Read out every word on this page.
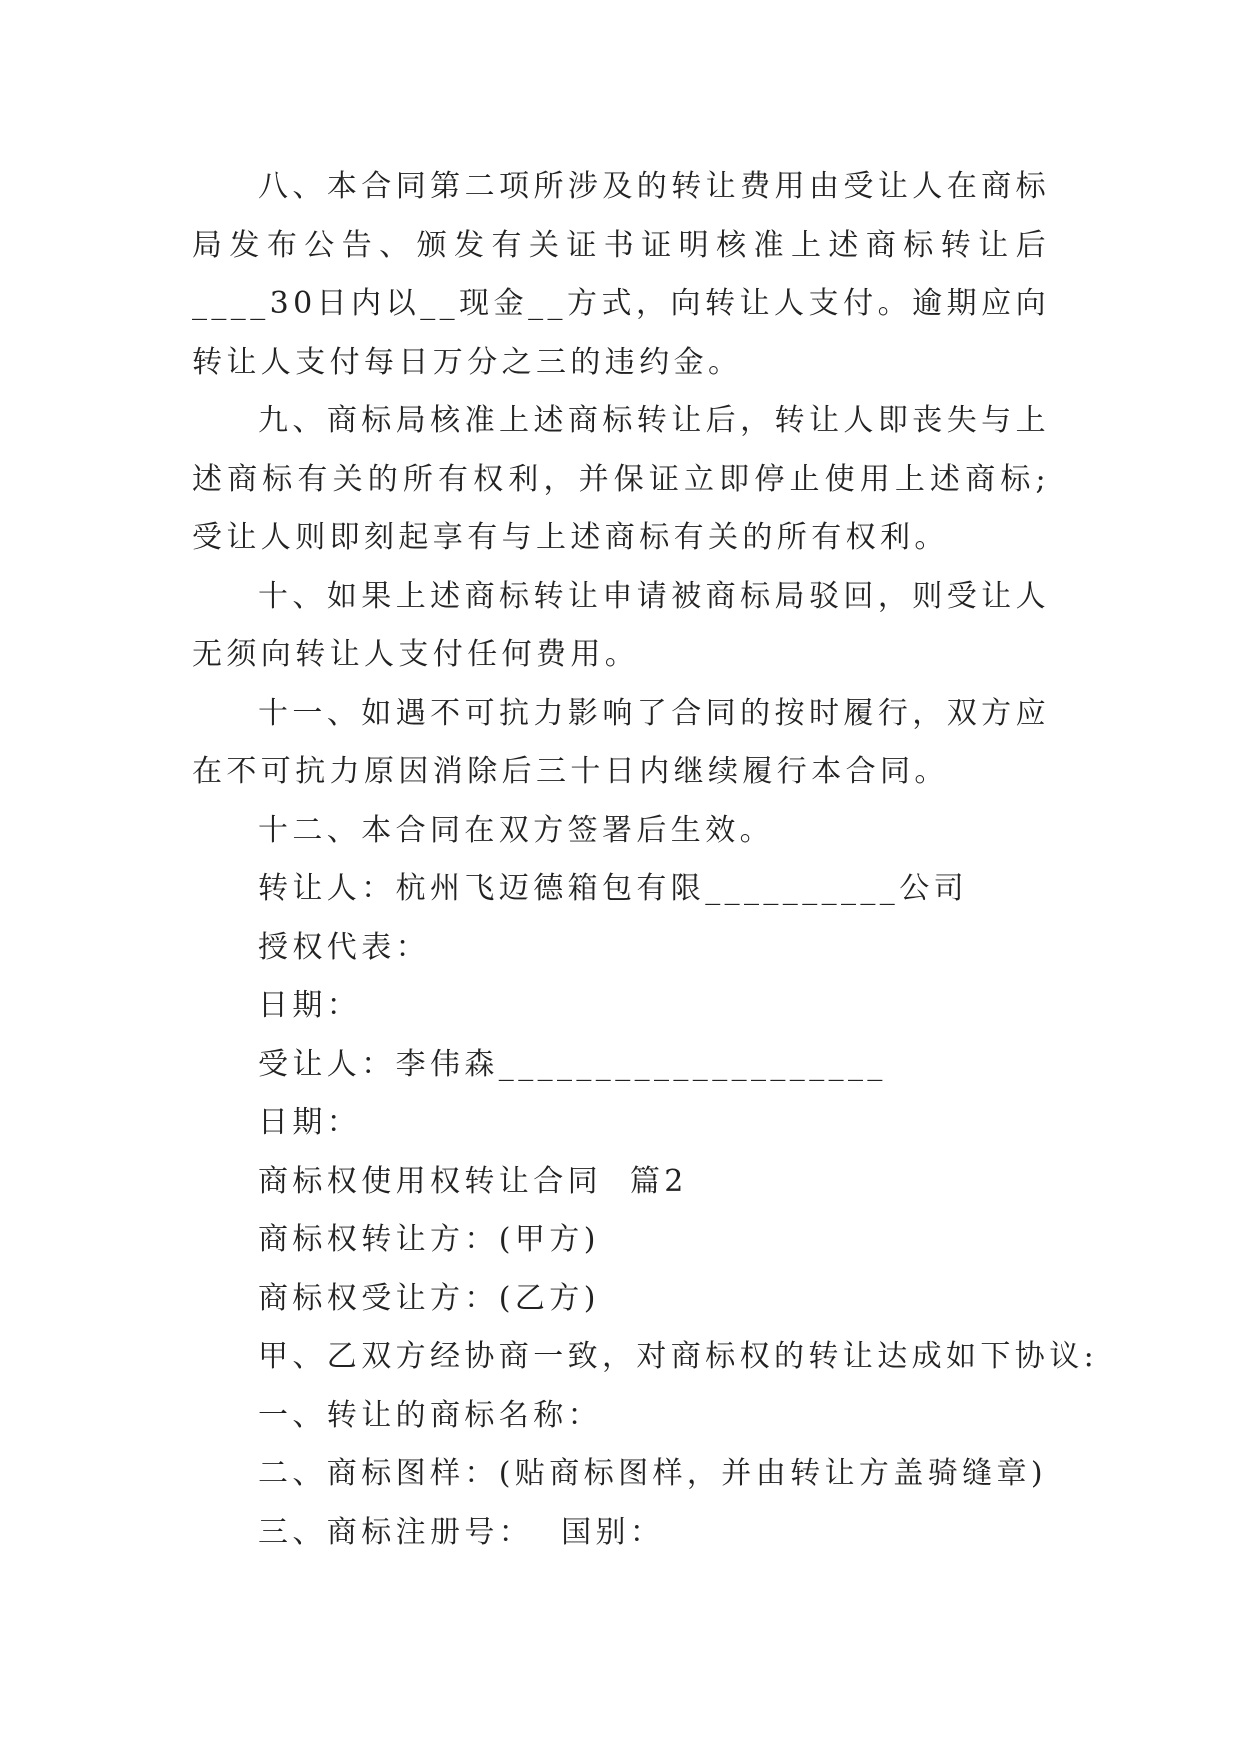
八、本合同第二项所涉及的转让费用由受让人在商标局发布公告、颁发有关证书证明核准上述商标转让后____30日内以__现金__方式，向转让人支付。逾期应向转让人支付每日万分之三的违约金。

九、商标局核准上述商标转让后，转让人即丧失与上述商标有关的所有权利，并保证立即停止使用上述商标;受让人则即刻起享有与上述商标有关的所有权利。

十、如果上述商标转让申请被商标局驳回，则受让人无须向转让人支付任何费用。

十一、如遇不可抗力影响了合同的按时履行，双方应在不可抗力原因消除后三十日内继续履行本合同。

十二、本合同在双方签署后生效。

转让人：杭州飞迈德箱包有限__________公司

授权代表：

日期：

受让人：李伟森____________________

日期：

商标权使用权转让合同  篇2

商标权转让方：(甲方)

商标权受让方：(乙方)

甲、乙双方经协商一致，对商标权的转让达成如下协议:

一、转让的商标名称：

二、商标图样：(贴商标图样，并由转让方盖骑缝章)

三、商标注册号：  国别：
